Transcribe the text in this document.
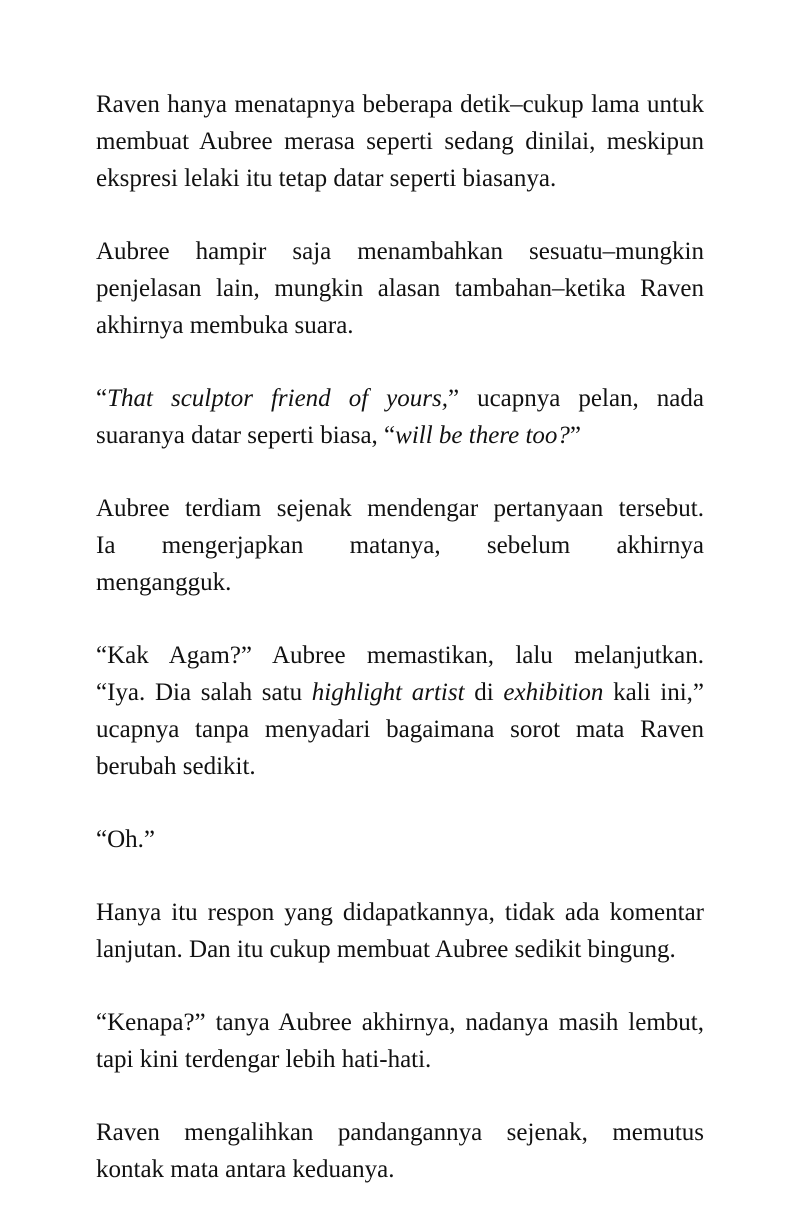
Raven hanya menatapnya beberapa detik–cukup lama untuk membuat Aubree merasa seperti sedang dinilai, meskipun ekspresi lelaki itu tetap datar seperti biasanya.

Aubree hampir saja menambahkan sesuatu–mungkin penjelasan lain, mungkin alasan tambahan–ketika Raven akhirnya membuka suara.

“That sculptor friend of yours,” ucapnya pelan, nada suaranya datar seperti biasa, “will be there too?”

Aubree terdiam sejenak mendengar pertanyaan tersebut.
Ia mengerjapkan matanya, sebelum akhirnya
mengangguk.

“Kak Agam?” Aubree memastikan, lalu melanjutkan.
“Iya. Dia salah satu highlight artist di exhibition kali ini,”
ucapnya tanpa menyadari bagaimana sorot mata Raven berubah sedikit.

“Oh.”

Hanya itu respon yang didapatkannya, tidak ada komentar lanjutan. Dan itu cukup membuat Aubree sedikit bingung.

“Kenapa?” tanya Aubree akhirnya, nadanya masih lembut, tapi kini terdengar lebih hati-hati.

Raven mengalihkan pandangannya sejenak, memutus kontak mata antara keduanya.
